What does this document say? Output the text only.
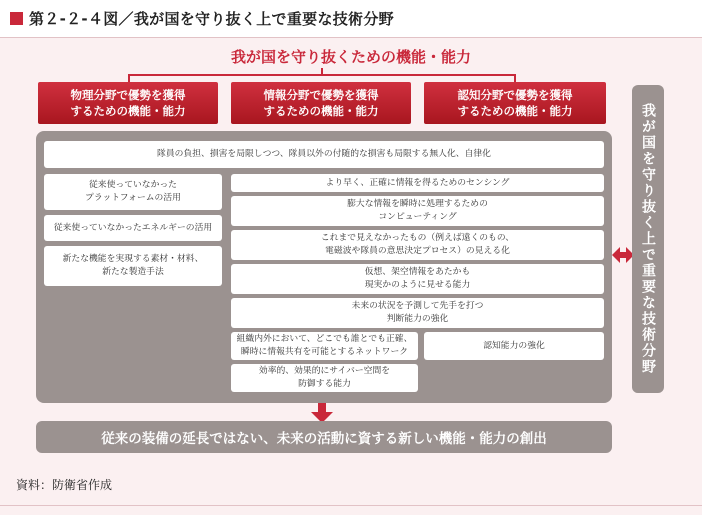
第２-２-４図／我が国を守り抜く上で重要な技術分野
我が国を守り抜くための機能・能力
物理分野で優勢を獲得
するための機能・能力
情報分野で優勢を獲得
するための機能・能力
認知分野で優勢を獲得
するための機能・能力
隊員の負担、損害を局限しつつ、隊員以外の付随的な損害も局限する無人化、自律化
従来使っていなかった
プラットフォームの活用
従来使っていなかったエネルギーの活用
新たな機能を実現する素材・材料、
新たな製造手法
より早く、正確に情報を得るためのセンシング
膨大な情報を瞬時に処理するための
コンピューティング
これまで見えなかったもの（例えば遠くのもの、
電磁波や隊員の意思決定プロセス）の見える化
仮想、架空情報をあたかも
現実かのように見せる能力
未来の状況を予測して先手を打つ
判断能力の強化
組織内外において、どこでも誰とでも正確、
瞬時に情報共有を可能とするネットワーク
認知能力の強化
効率的、効果的にサイバー空間を
防御する能力
我が国を守り抜く上で重要な技術分野
従来の装備の延長ではない、未来の活動に資する新しい機能・能力の創出
資料：防衛省作成
